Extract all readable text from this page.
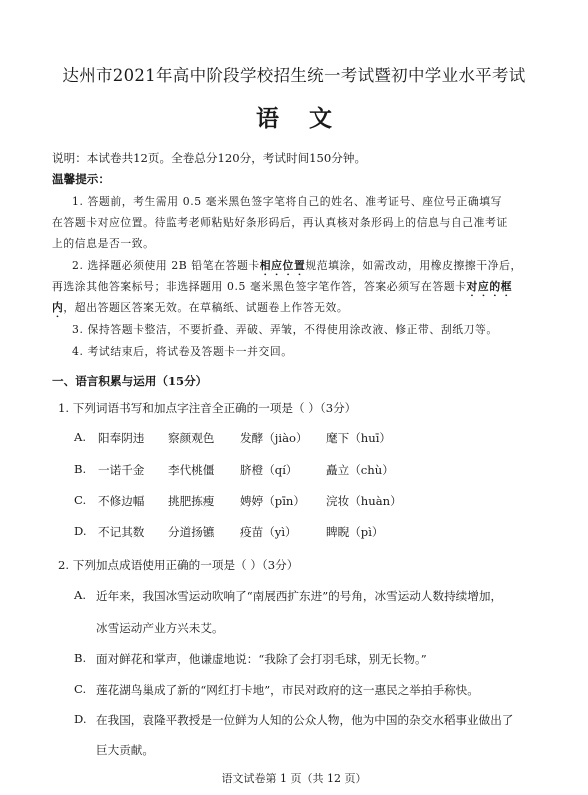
达州市2021年高中阶段学校招生统一考试暨初中学业水平考试
语文
说明：本试卷共12页。全卷总分120分，考试时间150分钟。
温馨提示：
1. 答题前，考生需用 0.5 毫米黑色签字笔将自己的姓名、准考证号、座位号正确填写
在答题卡对应位置。待监考老师粘贴好条形码后，再认真核对条形码上的信息与自己准考证
上的信息是否一致。
2. 选择题必须使用 2B 铅笔在答题卡相应位置规范填涂，如需改动，用橡皮擦擦干净后，
再选涂其他答案标号；非选择题用 0.5 毫米黑色签字笔作答，答案必须写在答题卡对应的框
内，超出答题区答案无效。在草稿纸、试题卷上作答无效。
3. 保持答题卡整洁，不要折叠、弄破、弄皱，不得使用涂改液、修正带、刮纸刀等。
4. 考试结束后，将试卷及答题卡一并交回。
一、语言积累与运用（15分）
1. 下列词语书写和加点字注音全正确的一项是（ ）（3分）
A. 阳奉阴违 察颜观色 发酵（jiào） 麾下（huī）
B. 一诺千金 李代桃僵 脐橙（qí） 矗立（chù）
C. 不修边幅 挑肥拣瘦 娉婷（pīn） 浣妆（huàn）
D. 不记其数 分道扬镳 疫苗（yì）	睥睨（pì）
2. 下列加点成语使用正确的一项是（ ）（3分）
A. 近年来，我国冰雪运动吹响了“南展西扩东进”的号角，冰雪运动人数持续增加，
冰雪运动产业方兴未艾。
B. 面对鲜花和掌声，他谦虚地说：“我除了会打羽毛球，别无长物。”
C. 莲花湖鸟巢成了新的“网红打卡地”，市民对政府的这一惠民之举拍手称快。
D. 在我国，袁隆平教授是一位鲜为人知的公众人物，他为中国的杂交水稻事业做出了
巨大贡献。
语文试卷第 1 页（共 12 页）
